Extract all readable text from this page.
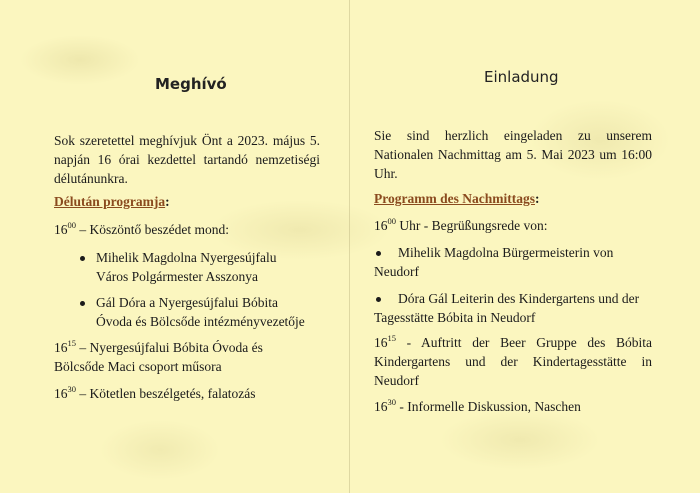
Meghívó

Sok szeretettel meghívjuk Önt a 2023. május 5. napján 16 órai kezdettel tartandó nemzetiségi délutánunkra.

Délután programja:

$16^{00}$ – Köszöntő beszédet mond:

Mihelik Magdolna Nyergesújfalu
Város Polgármester Asszonya
Gál Dóra a Nyergesújfalui Bóbita
Óvoda és Bölcsőde intézményvezetője
$16^{15}$ – Nyergesújfalui Bóbita Óvoda és
Bölcsőde Maci csoport műsora

$16^{30}$ – Kötetlen beszélgetés, falatozás

Einladung

Sie sind herzlich eingeladen zu unserem Nationalen Nachmittag am 5. Mai 2023 um 16:00 Uhr.

Programm des Nachmittags:

$16^{00}$ Uhr - Begrüßungsrede von:

Mihelik Magdolna Bürgermeisterin von
Neudorf
Dóra Gál Leiterin des Kindergartens und der
Tagesstätte Bóbita in Neudorf

$16^{15}$ - Auftritt der Beer Gruppe des Bóbita Kindergartens und der Kindertagesstätte in Neudorf

$16^{30}$ - Informelle Diskussion, Naschen
